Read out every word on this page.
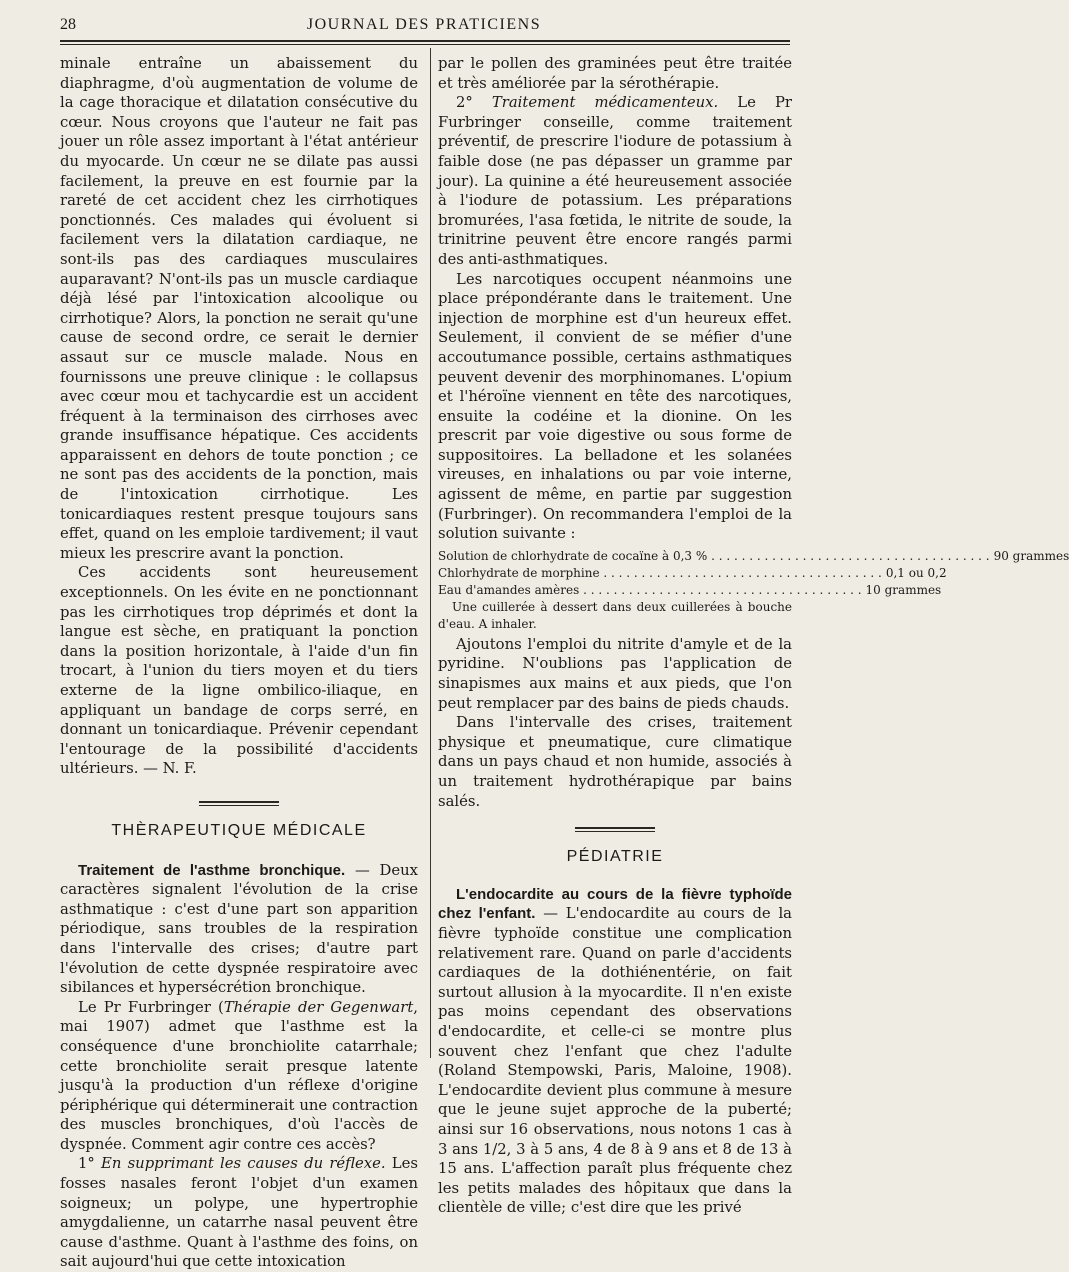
28	JOURNAL DES PRATICIENS

minale entraîne un abaissement du diaphragme, d'où augmentation de volume de la cage thoracique et dilatation consécutive du cœur. Nous croyons que l'auteur ne fait pas jouer un rôle assez important à l'état antérieur du myocarde. Un cœur ne se dilate pas aussi facilement, la preuve en est fournie par la rareté de cet accident chez les cirrhotiques ponctionnés. Ces malades qui évoluent si facilement vers la dilatation cardiaque, ne sont-ils pas des cardiaques musculaires auparavant? N'ont-ils pas un muscle cardiaque déjà lésé par l'intoxication alcoolique ou cirrhotique? Alors, la ponction ne serait qu'une cause de second ordre, ce serait le dernier assaut sur ce muscle malade. Nous en fournissons une preuve clinique : le collapsus avec cœur mou et tachycardie est un accident fréquent à la terminaison des cirrhoses avec grande insuffisance hépatique. Ces accidents apparaissent en dehors de toute ponction ; ce ne sont pas des accidents de la ponction, mais de l'intoxication cirrhotique. Les tonicardiaques restent presque toujours sans effet, quand on les emploie tardivement; il vaut mieux les prescrire avant la ponction.

Ces accidents sont heureusement exceptionnels. On les évite en ne ponctionnant pas les cirrhotiques trop déprimés et dont la langue est sèche, en pratiquant la ponction dans la position horizontale, à l'aide d'un fin trocart, à l'union du tiers moyen et du tiers externe de la ligne ombilico-iliaque, en appliquant un bandage de corps serré, en donnant un tonicardiaque. Prévenir cependant l'entourage de la possibilité d'accidents ultérieurs. — N. F.

THÈRAPEUTIQUE MÉDICALE

Traitement de l'asthme bronchique. — Deux caractères signalent l'évolution de la crise asthmatique : c'est d'une part son apparition périodique, sans troubles de la respiration dans l'intervalle des crises; d'autre part l'évolution de cette dyspnée respiratoire avec sibilances et hypersécrétion bronchique.

Le Pr Furbringer (Thérapie der Gegenwart, mai 1907) admet que l'asthme est la conséquence d'une bronchiolite catarrhale; cette bronchiolite serait presque latente jusqu'à la production d'un réflexe d'origine périphérique qui déterminerait une contraction des muscles bronchiques, d'où l'accès de dyspnée. Comment agir contre ces accès?

1° En supprimant les causes du réflexe. Les fosses nasales feront l'objet d'un examen soigneux; un polype, une hypertrophie amygdalienne, un catarrhe nasal peuvent être cause d'asthme. Quant à l'asthme des foins, on sait aujourd'hui que cette intoxication

par le pollen des graminées peut être traitée et très améliorée par la sérothérapie.

2° Traitement médicamenteux. Le Pr Furbringer conseille, comme traitement préventif, de prescrire l'iodure de potassium à faible dose (ne pas dépasser un gramme par jour). La quinine a été heureusement associée à l'iodure de potassium. Les préparations bromurées, l'asa fœtida, le nitrite de soude, la trinitrine peuvent être encore rangés parmi des anti-asthmatiques.

Les narcotiques occupent néanmoins une place prépondérante dans le traitement. Une injection de morphine est d'un heureux effet. Seulement, il convient de se méfier d'une accoutumance possible, certains asthmatiques peuvent devenir des morphinomanes. L'opium et l'héroïne viennent en tête des narcotiques, ensuite la codéine et la dionine. On les prescrit par voie digestive ou sous forme de suppositoires. La belladone et les solanées vireuses, en inhalations ou par voie interne, agissent de même, en partie par suggestion (Furbringer). On recommandera l'emploi de la solution suivante :

Solution de chlorhydrate de cocaïne à 0,3 % . . .	90 grammes
Chlorhydrate de morphine . . .	0,1 ou 0,2
Eau d'amandes amères . . .	10 grammes
Une cuillerée à dessert dans deux cuillerées à bouche d'eau. A inhaler.

Ajoutons l'emploi du nitrite d'amyle et de la pyridine. N'oublions pas l'application de sinapismes aux mains et aux pieds, que l'on peut remplacer par des bains de pieds chauds.

Dans l'intervalle des crises, traitement physique et pneumatique, cure climatique dans un pays chaud et non humide, associés à un traitement hydrothérapique par bains salés.

PÉDIATRIE

L'endocardite au cours de la fièvre typhoïde chez l'enfant. — L'endocardite au cours de la fièvre typhoïde constitue une complication relativement rare. Quand on parle d'accidents cardiaques de la dothiénentérie, on fait surtout allusion à la myocardite. Il n'en existe pas moins cependant des observations d'endocardite, et celle-ci se montre plus souvent chez l'enfant que chez l'adulte (Roland Stempowski, Paris, Maloine, 1908). L'endocardite devient plus commune à mesure que le jeune sujet approche de la puberté; ainsi sur 16 observations, nous notons 1 cas à 3 ans 1/2, 3 à 5 ans, 4 de 8 à 9 ans et 8 de 13 à 15 ans. L'affection paraît plus fréquente chez les petits malades des hôpitaux que dans la clientèle de ville; c'est dire que les privé
